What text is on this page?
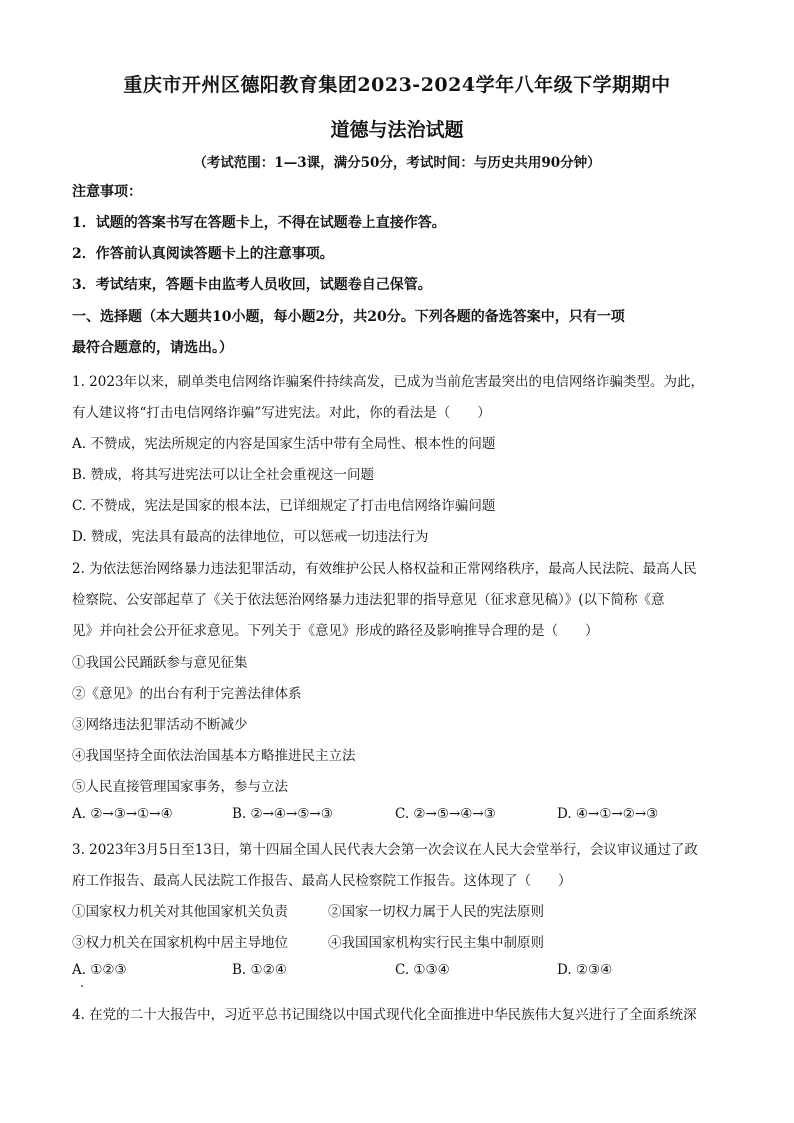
重庆市开州区德阳教育集团2023-2024学年八年级下学期期中
道德与法治试题
（考试范围：1—3课，满分50分，考试时间：与历史共用90分钟）
注意事项：
1．试题的答案书写在答题卡上，不得在试题卷上直接作答。
2．作答前认真阅读答题卡上的注意事项。
3．考试结束，答题卡由监考人员收回，试题卷自己保管。
一、选择题（本大题共10小题，每小题2分，共20分。下列各题的备选答案中，只有一项
最符合题意的，请选出。）
1. 2023年以来，刷单类电信网络诈骗案件持续高发，已成为当前危害最突出的电信网络诈骗类型。为此，
有人建议将“打击电信网络诈骗”写进宪法。对此，你的看法是（　　）
A. 不赞成，宪法所规定的内容是国家生活中带有全局性、根本性的问题
B. 赞成，将其写进宪法可以让全社会重视这一问题
C. 不赞成，宪法是国家的根本法，已详细规定了打击电信网络诈骗问题
D. 赞成，宪法具有最高的法律地位，可以惩戒一切违法行为
2. 为依法惩治网络暴力违法犯罪活动，有效维护公民人格权益和正常网络秩序，最高人民法院、最高人民
检察院、公安部起草了《关于依法惩治网络暴力违法犯罪的指导意见（征求意见稿）》(以下简称《意
见》并向社会公开征求意见。下列关于《意见》形成的路径及影响推导合理的是（　　）
①我国公民踊跃参与意见征集
②《意见》的出台有利于完善法律体系
③网络违法犯罪活动不断减少
④我国坚持全面依法治国基本方略推进民主立法
⑤人民直接管理国家事务，参与立法
A. ②→③→①→④	B. ②→④→⑤→③	C. ②→⑤→④→③	D. ④→①→②→③
3. 2023年3月5日至13日，第十四届全国人民代表大会第一次会议在人民大会堂举行，会议审议通过了政
府工作报告、最高人民法院工作报告、最高人民检察院工作报告。这体现了（　　）
①国家权力机关对其他国家机关负责	②国家一切权力属于人民的宪法原则
③权力机关在国家机构中居主导地位	④我国国家机构实行民主集中制原则
A. ①②③	B. ①②④	C. ①③④	D. ②③④
4. 在党的二十大报告中，习近平总书记围绕以中国式现代化全面推进中华民族伟大复兴进行了全面系统深
